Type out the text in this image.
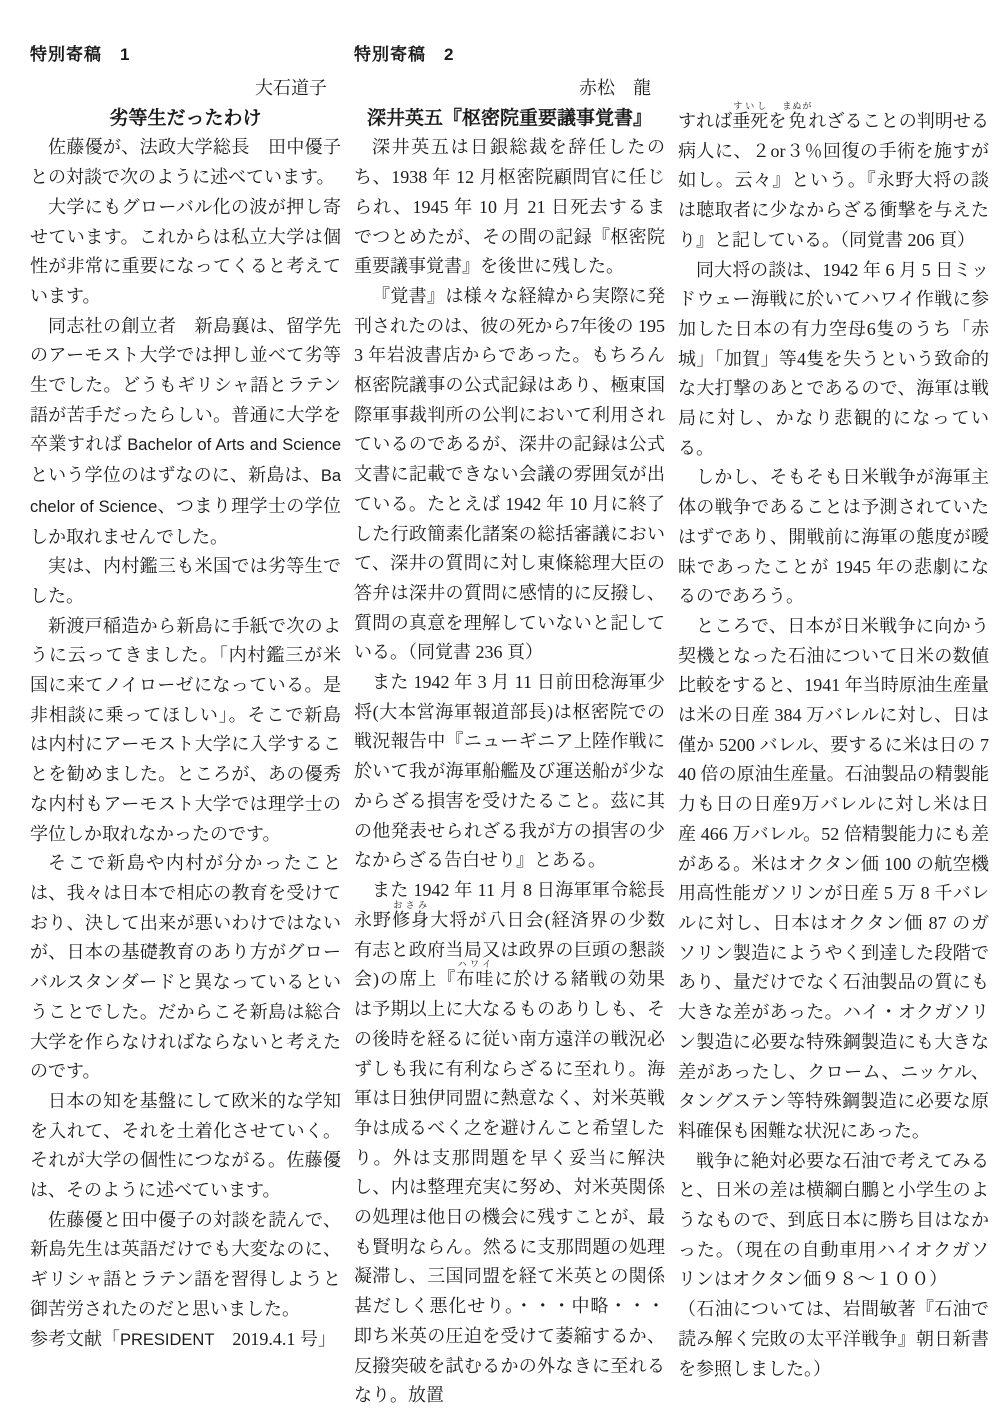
特別寄稿　1
大石道子
劣等生だったわけ

佐藤優が、法政大学総長　田中優子との対談で次のように述べています。

大学にもグローバル化の波が押し寄せています。これからは私立大学は個性が非常に重要になってくると考えています。

同志社の創立者　新島襄は、留学先のアーモスト大学では押し並べて劣等生でした。どうもギリシャ語とラテン語が苦手だったらしい。普通に大学を卒業すれば Bachelor of Arts and Science という学位のはずなのに、新島は、Bachelor of Science、つまり理学士の学位しか取れませんでした。

実は、内村鑑三も米国では劣等生でした。

新渡戸稲造から新島に手紙で次のように云ってきました。「内村鑑三が米国に来てノイローゼになっている。是非相談に乗ってほしい」。そこで新島は内村にアーモスト大学に入学することを勧めました。ところが、あの優秀な内村もアーモスト大学では理学士の学位しか取れなかったのです。

そこで新島や内村が分かったことは、我々は日本で相応の教育を受けており、決して出来が悪いわけではないが、日本の基礎教育のあり方がグローバルスタンダードと異なっているということでした。だからこそ新島は総合大学を作らなければならないと考えたのです。

日本の知を基盤にして欧米的な学知を入れて、それを土着化させていく。それが大学の個性につながる。佐藤優は、そのように述べています。

佐藤優と田中優子の対談を読んで、新島先生は英語だけでも大変なのに、ギリシャ語とラテン語を習得しようと御苦労されたのだと思いました。

参考文献「PRESIDENT　2019.4.1 号」

特別寄稿　2
赤松　龍
深井英五『枢密院重要議事覚書』

深井英五は日銀総裁を辞任したのち、1938 年 12 月枢密院顧問官に任じられ、1945 年 10 月 21 日死去するまでつとめたが、その間の記録『枢密院重要議事覚書』を後世に残した。

『覚書』は様々な経緯から実際に発刊されたのは、彼の死から7年後の 1953 年岩波書店からであった。もちろん枢密院議事の公式記録はあり、極東国際軍事裁判所の公判において利用されているのであるが、深井の記録は公式文書に記載できない会議の雰囲気が出ている。たとえば 1942 年 10 月に終了した行政簡素化諸案の総括審議において、深井の質問に対し東條総理大臣の答弁は深井の質問に感情的に反撥し、質問の真意を理解していないと記している。（同覚書 236 頁）

また 1942 年 3 月 11 日前田稔海軍少将(大本営海軍報道部長)は枢密院での戦況報告中『ニューギニア上陸作戦に於いて我が海軍船艦及び運送船が少なからざる損害を受けたること。茲に其の他発表せられざる我が方の損害の少なからざる告白せり』とある。

また 1942 年 11 月 8 日海軍軍令総長永野修身おさみ大将が八日会(経済界の少数有志と政府当局又は政界の巨頭の懇談会)の席上『布哇ハワイに於ける緒戦の効果は予期以上に大なるものありしも、その後時を経るに従い南方遠洋の戦況必ずしも我に有利ならざるに至れり。海軍は日独伊同盟に熱意なく、対米英戦争は成るべく之を避けんこと希望したり。外は支那問題を早く妥当に解決し、内は整理充実に努め、対米英関係の処理は他日の機会に残すことが、最も賢明ならん。然るに支那問題の処理凝滞し、三国同盟を経て米英との関係甚だしく悪化せり。・・・中略・・・即ち米英の圧迫を受けて萎縮するか、反撥突破を試むるかの外なきに至れるなり。放置

すれば垂死すいしを免まぬがれざることの判明せる病人に、２or３％回復の手術を施すが如し。云々』という。『永野大将の談は聴取者に少なからざる衝撃を与えたり』と記している。（同覚書 206 頁）

同大将の談は、1942 年 6 月 5 日ミッドウェー海戦に於いてハワイ作戦に参加した日本の有力空母6隻のうち「赤城」「加賀」等4隻を失うという致命的な大打撃のあとであるので、海軍は戦局に対し、かなり悲観的になっている。

しかし、そもそも日米戦争が海軍主体の戦争であることは予測されていたはずであり、開戦前に海軍の態度が曖昧であったことが 1945 年の悲劇になるのであろう。

ところで、日本が日米戦争に向かう契機となった石油について日米の数値比較をすると、1941 年当時原油生産量は米の日産 384 万バレルに対し、日は僅か 5200 バレル、要するに米は日の 740 倍の原油生産量。石油製品の精製能力も日の日産9万バレルに対し米は日産 466 万バレル。52 倍精製能力にも差がある。米はオクタン価 100 の航空機用高性能ガソリンが日産 5 万 8 千バレルに対し、日本はオクタン価 87 のガソリン製造にようやく到達した段階であり、量だけでなく石油製品の質にも大きな差があった。ハイ・オクガソリン製造に必要な特殊鋼製造にも大きな差があったし、クローム、ニッケル、タングステン等特殊鋼製造に必要な原料確保も困難な状況にあった。

戦争に絶対必要な石油で考えてみると、日米の差は横綱白鵬と小学生のようなもので、到底日本に勝ち目はなかった。（現在の自動車用ハイオクガソリンはオクタン価９８～１００）

（石油については、岩間敏著『石油で読み解く完敗の太平洋戦争』朝日新書を参照しました。）
